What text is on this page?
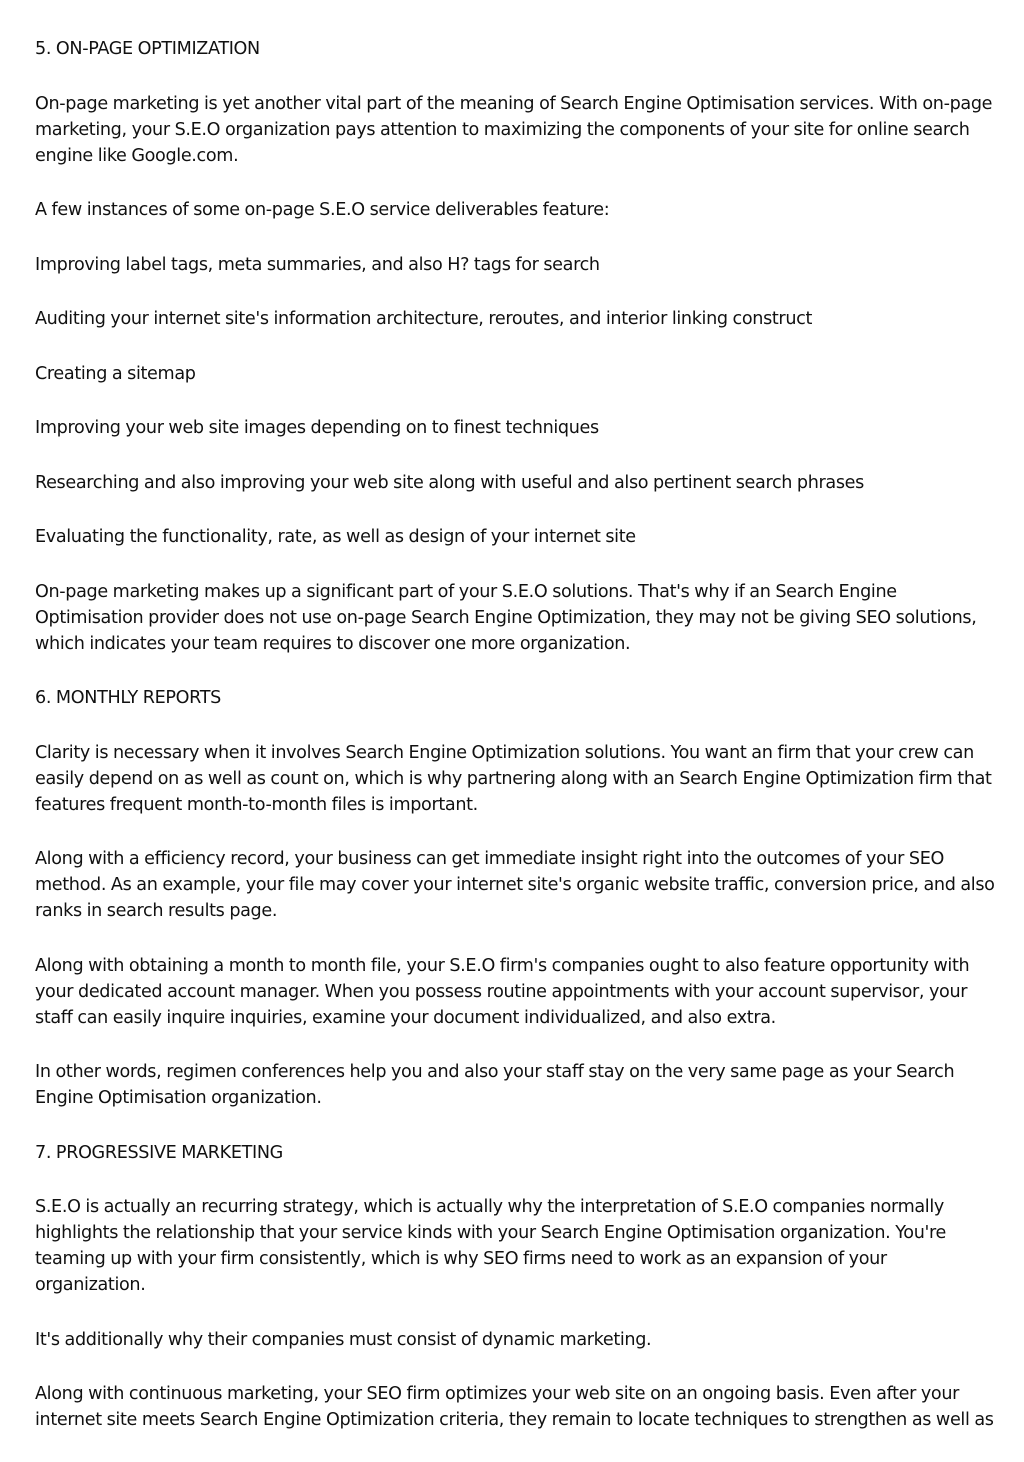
5. ON-PAGE OPTIMIZATION

On-page marketing is yet another vital part of the meaning of Search Engine Optimisation services. With on-page marketing, your S.E.O organization pays attention to maximizing the components of your site for online search engine like Google.com.

A few instances of some on-page S.E.O service deliverables feature:

Improving label tags, meta summaries, and also H? tags for search

Auditing your internet site's information architecture, reroutes, and interior linking construct

Creating a sitemap

Improving your web site images depending on to finest techniques

Researching and also improving your web site along with useful and also pertinent search phrases

Evaluating the functionality, rate, as well as design of your internet site

On-page marketing makes up a significant part of your S.E.O solutions. That's why if an Search Engine Optimisation provider does not use on-page Search Engine Optimization, they may not be giving SEO solutions, which indicates your team requires to discover one more organization.

6. MONTHLY REPORTS

Clarity is necessary when it involves Search Engine Optimization solutions. You want an firm that your crew can easily depend on as well as count on, which is why partnering along with an Search Engine Optimization firm that features frequent month-to-month files is important.

Along with a efficiency record, your business can get immediate insight right into the outcomes of your SEO method. As an example, your file may cover your internet site's organic website traffic, conversion price, and also ranks in search results page.

Along with obtaining a month to month file, your S.E.O firm's companies ought to also feature opportunity with your dedicated account manager. When you possess routine appointments with your account supervisor, your staff can easily inquire inquiries, examine your document individualized, and also extra.

In other words, regimen conferences help you and also your staff stay on the very same page as your Search Engine Optimisation organization.

7. PROGRESSIVE MARKETING

S.E.O is actually an recurring strategy, which is actually why the interpretation of S.E.O companies normally highlights the relationship that your service kinds with your Search Engine Optimisation organization. You're teaming up with your firm consistently, which is why SEO firms need to work as an expansion of your organization.

It's additionally why their companies must consist of dynamic marketing.

Along with continuous marketing, your SEO firm optimizes your web site on an ongoing basis. Even after your internet site meets Search Engine Optimization criteria, they remain to locate techniques to strengthen as well as
